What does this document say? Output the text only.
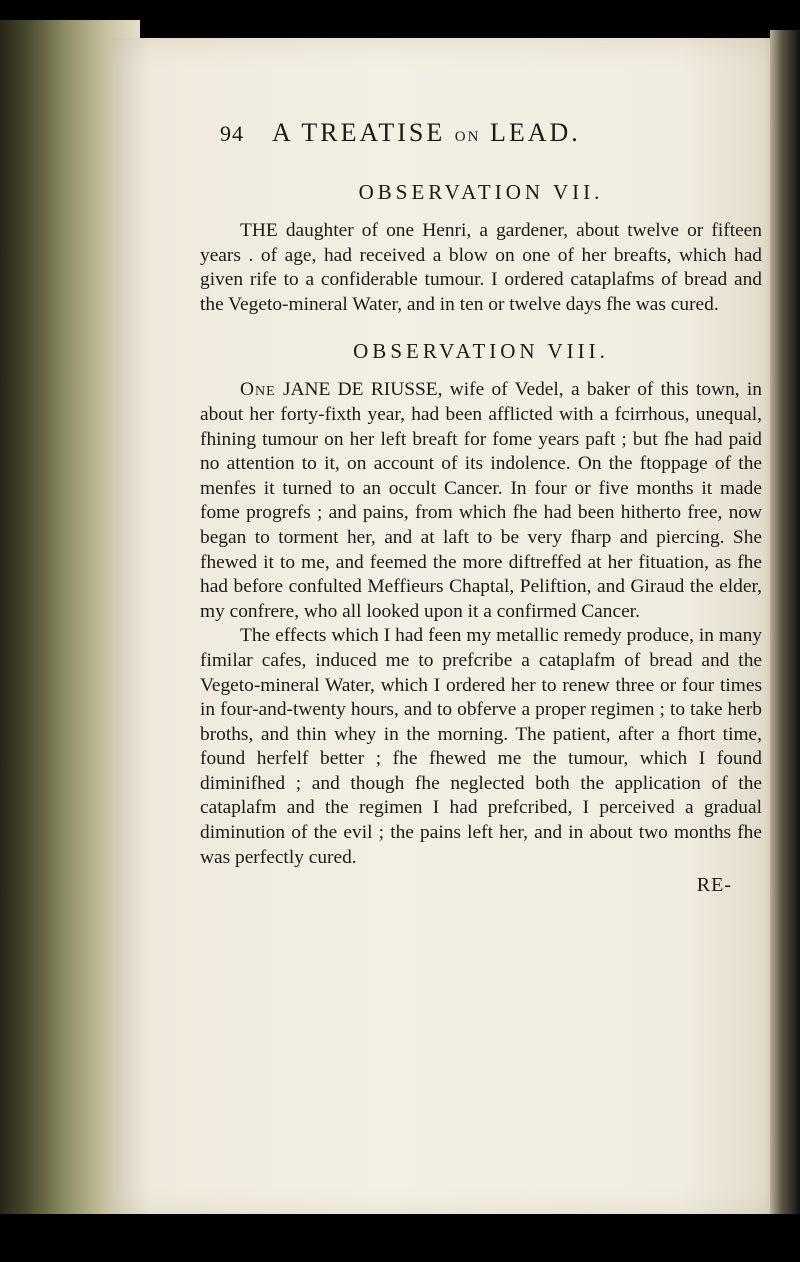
94	A TREATISE ON LEAD.
OBSERVATION VII.

THE daughter of one Henri, a gardener, about twelve or fifteen years . of age, had received a blow on one of her breafts, which had given rife to a confiderable tumour. I ordered cataplafms of bread and the Vegeto-mineral Water, and in ten or twelve days fhe was cured.

OBSERVATION VIII.

One JANE DE RIUSSE, wife of Vedel, a baker of this town, in about her forty-fixth year, had been afflicted with a fcirrhous, unequal, fhining tumour on her left breaft for fome years paft ; but fhe had paid no attention to it, on account of its indolence. On the ftoppage of the menfes it turned to an occult Cancer. In four or five months it made fome progrefs ; and pains, from which fhe had been hitherto free, now began to torment her, and at laft to be very fharp and piercing. She fhewed it to me, and feemed the more diftreffed at her fituation, as fhe had before confulted Meffieurs Chaptal, Peliftion, and Giraud the elder, my confrere, who all looked upon it a confirmed Cancer.

The effects which I had feen my metallic remedy produce, in many fimilar cafes, induced me to prefcribe a cataplafm of bread and the Vegeto-mineral Water, which I ordered her to renew three or four times in four-and-twenty hours, and to obferve a proper regimen ; to take herb broths, and thin whey in the morning. The patient, after a fhort time, found herfelf better ; fhe fhewed me the tumour, which I found diminifhed ; and though fhe neglected both the application of the cataplafm and the regimen I had prefcribed, I perceived a gradual diminution of the evil ; the pains left her, and in about two months fhe was perfectly cured.

RE-
